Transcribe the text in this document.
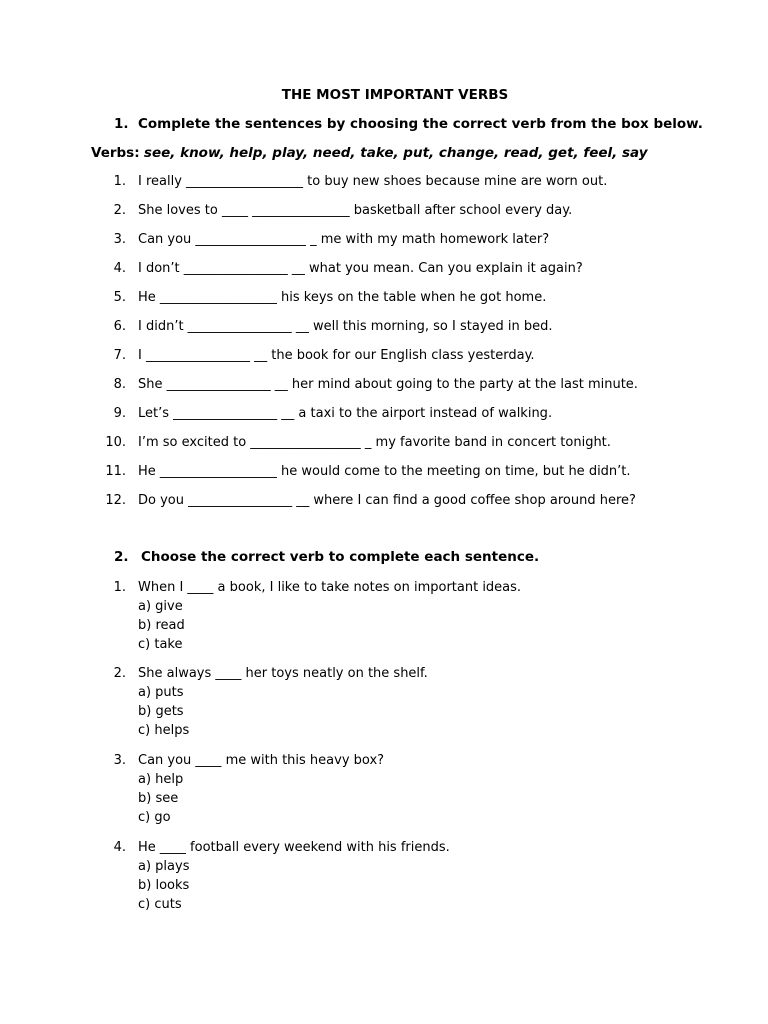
THE MOST IMPORTANT VERBS
1. Complete the sentences by choosing the correct verb from the box below.
Verbs: see, know, help, play, need, take, put, change, read, get, feel, say
1. I really __________________ to buy new shoes because mine are worn out.
2. She loves to ____ _______________ basketball after school every day.
3. Can you _________________ _ me with my math homework later?
4. I don’t ________________ __ what you mean. Can you explain it again?
5. He __________________ his keys on the table when he got home.
6. I didn’t ________________ __ well this morning, so I stayed in bed.
7. I ________________ __ the book for our English class yesterday.
8. She ________________ __ her mind about going to the party at the last minute.
9. Let’s ________________ __ a taxi to the airport instead of walking.
10. I’m so excited to _________________ _ my favorite band in concert tonight.
11. He __________________ he would come to the meeting on time, but he didn’t.
12. Do you ________________ __ where I can find a good coffee shop around here?
2. Choose the correct verb to complete each sentence.
1. When I ____ a book, I like to take notes on important ideas.
a) give
b) read
c) take
2. She always ____ her toys neatly on the shelf.
a) puts
b) gets
c) helps
3. Can you ____ me with this heavy box?
a) help
b) see
c) go
4. He ____ football every weekend with his friends.
a) plays
b) looks
c) cuts
